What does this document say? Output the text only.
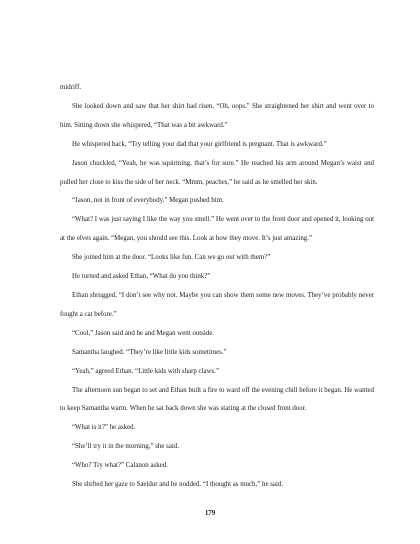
midriff.

She looked down and saw that her shirt had risen. “Oh, oops.” She straightened her shirt and went over to him. Sitting down she whispered, “That was a bit awkward.”

He whispered back, “Try telling your dad that your girlfriend is pregnant. That is awkward.”

Jason chuckled, “Yeah, he was squirming, that’s for sure.” He reached his arm around Megan’s waist and pulled her close to kiss the side of her neck. “Mmm, peaches,” he said as he smelled her skin.

“Jason, not in front of everybody.” Megan pushed him.

“What? I was just saying I like the way you smell.” He went over to the front door and opened it, looking out at the elves again. “Megan, you should see this. Look at how they move. It’s just amazing.”

She joined him at the door. “Looks like fun. Can we go out with them?”

He turned and asked Ethan, “What do you think?”

Ethan shrugged, “I don’t see why not. Maybe you can show them some new moves. They’ve probably never fought a cat before.”

“Cool,” Jason said and he and Megan went outside.

Samantha laughed. “They’re like little kids sometimes.”

“Yeah,” agreed Ethan. “Little kids with sharp claws.”

The afternoon sun began to set and Ethan built a fire to ward off the evening chill before it began. He wanted to keep Samantha warm. When he sat back down she was staring at the closed front door.

“What is it?” he asked.

“She’ll try it in the morning,” she said.

“Who? Try what?” Calanon asked.

She shifted her gaze to Saeldur and he nodded. “I thought as much,” he said.

179
